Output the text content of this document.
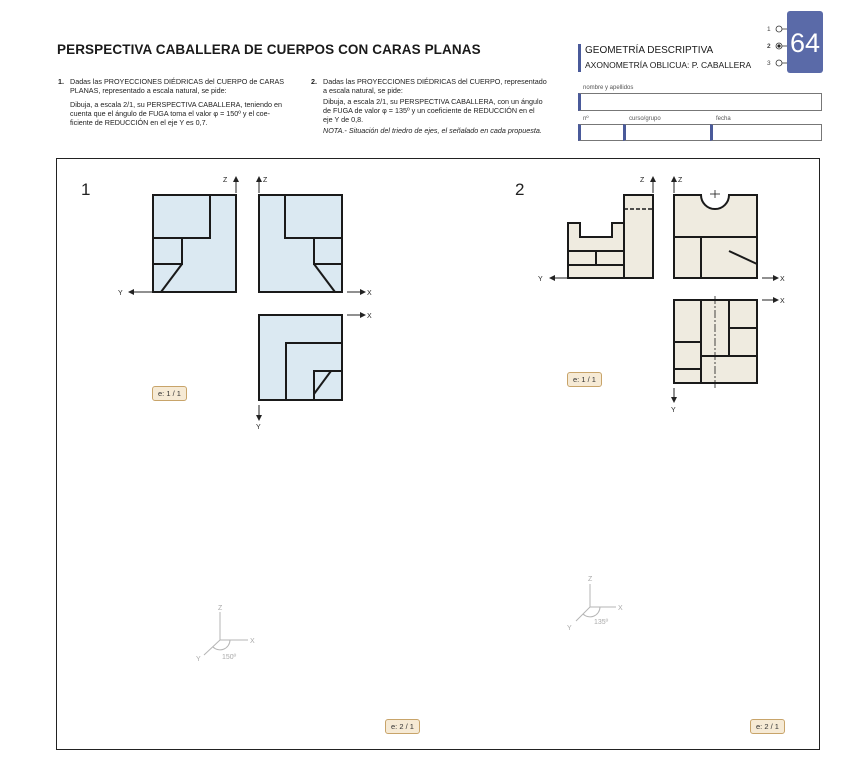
PERSPECTIVA CABALLERA DE CUERPOS CON CARAS PLANAS
1. Dadas las PROYECCIONES DIÉDRICAS del CUERPO de CARAS
PLANAS, representado a escala natural, se pide:
Dibuja, a escala 2/1, su PERSPECTIVA CABALLERA, teniendo en
cuenta que el ángulo de FUGA toma el valor φ = 150º y el coe-
ficiente de REDUCCIÓN en el eje Y es 0,7.
2. Dadas las PROYECCIONES DIÉDRICAS del CUERPO, representado
a escala natural, se pide:
Dibuja, a escala 2/1, su PERSPECTIVA CABALLERA, con un ángulo
de FUGA de valor φ = 135º y un coeficiente de REDUCCIÓN en el
eje Y de 0,8.
NOTA.- Situación del triedro de ejes, el señalado en cada propuesta.
GEOMETRÍA DESCRIPTIVA
AXONOMETRÍA OBLICUA: P. CABALLERA
1
2
3
64
nombre y apellidos
nº	curso/grupo	fecha
1	2
Z	Z
Y	X
X
Y
Z	Z
Y	X
X
Y
e: 1 / 1
e: 1 / 1
e: 2 / 1	e: 2 / 1
Z
X
Y	150º
Z
X
Y
135º
